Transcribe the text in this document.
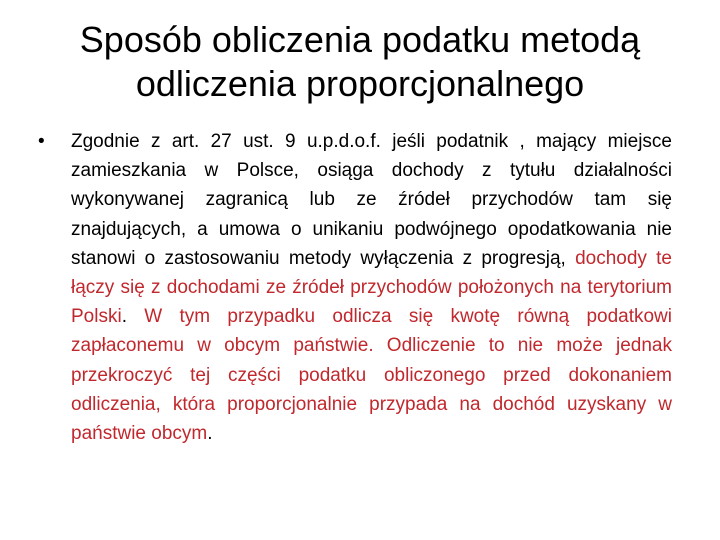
Sposób obliczenia podatku metodą
odliczenia proporcjonalnego
• Zgodnie z art. 27 ust. 9 u.p.d.o.f. jeśli podatnik , mający miejsce zamieszkania w Polsce, osiąga dochody z tytułu działalności wykonywanej zagranicą lub ze źródeł przychodów tam się znajdujących, a umowa o unikaniu podwójnego opodatkowania nie stanowi o zastosowaniu metody wyłączenia z progresją, dochody te łączy się z dochodami ze źródeł przychodów położonych na terytorium Polski. W tym przypadku odlicza się kwotę równą podatkowi zapłaconemu w obcym państwie. Odliczenie to nie może jednak przekroczyć tej części podatku obliczonego przed dokonaniem odliczenia, która proporcjonalnie przypada na dochód uzyskany w państwie obcym.
